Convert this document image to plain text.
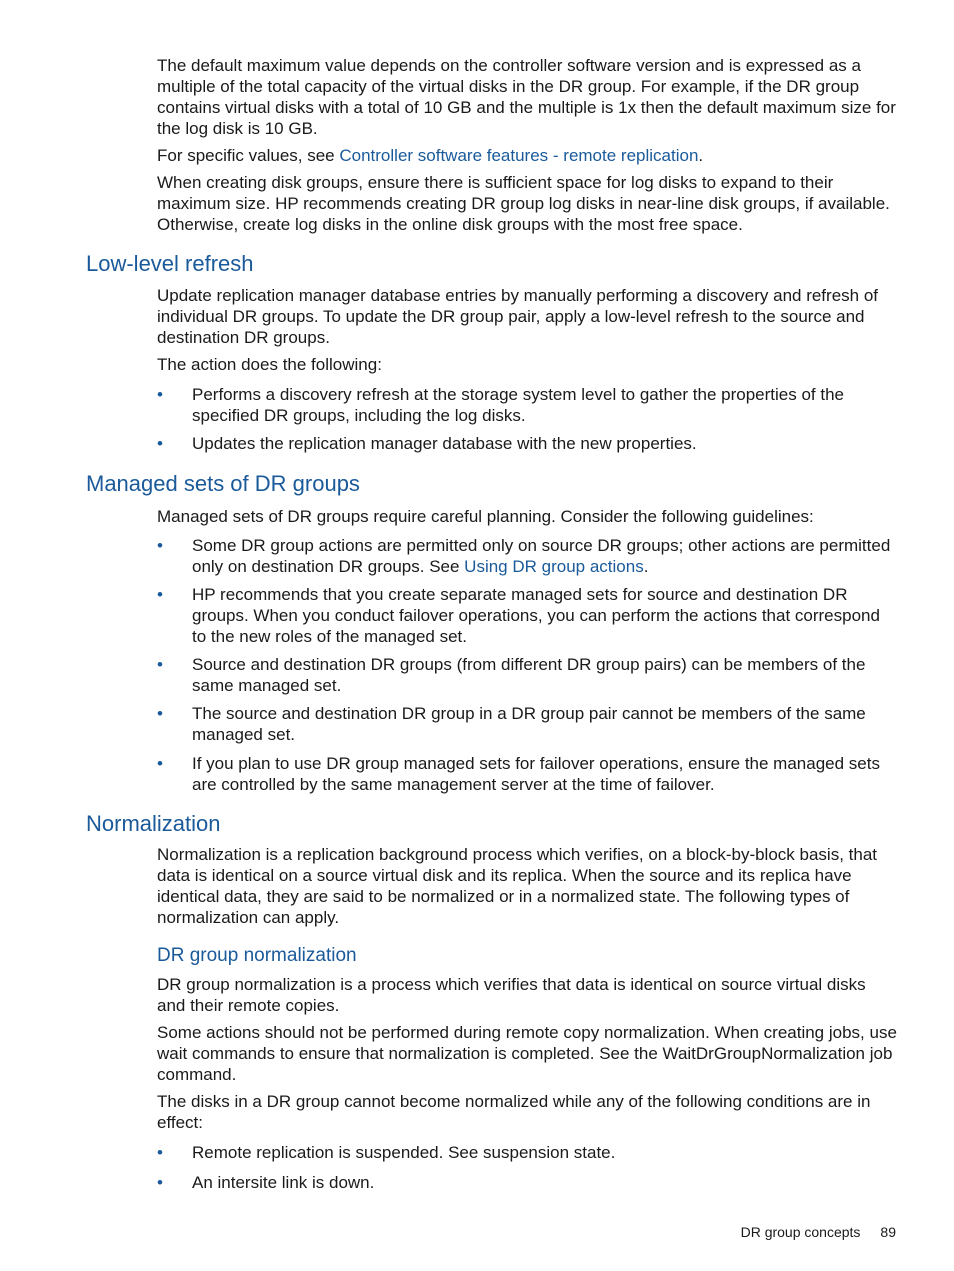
The default maximum value depends on the controller software version and is expressed as a multiple of the total capacity of the virtual disks in the DR group. For example, if the DR group contains virtual disks with a total of 10 GB and the multiple is 1x then the default maximum size for the log disk is 10 GB.

For specific values, see Controller software features - remote replication.

When creating disk groups, ensure there is sufficient space for log disks to expand to their maximum size. HP recommends creating DR group log disks in near-line disk groups, if available. Otherwise, create log disks in the online disk groups with the most free space.

Low-level refresh

Update replication manager database entries by manually performing a discovery and refresh of individual DR groups. To update the DR group pair, apply a low-level refresh to the source and destination DR groups.

The action does the following:

• Performs a discovery refresh at the storage system level to gather the properties of the specified DR groups, including the log disks.
• Updates the replication manager database with the new properties.
Managed sets of DR groups

Managed sets of DR groups require careful planning. Consider the following guidelines:

• Some DR group actions are permitted only on source DR groups; other actions are permitted only on destination DR groups. See Using DR group actions.
• HP recommends that you create separate managed sets for source and destination DR groups. When you conduct failover operations, you can perform the actions that correspond to the new roles of the managed set.
• Source and destination DR groups (from different DR group pairs) can be members of the same managed set.
• The source and destination DR group in a DR group pair cannot be members of the same managed set.
• If you plan to use DR group managed sets for failover operations, ensure the managed sets are controlled by the same management server at the time of failover.
Normalization

Normalization is a replication background process which verifies, on a block-by-block basis, that data is identical on a source virtual disk and its replica. When the source and its replica have identical data, they are said to be normalized or in a normalized state. The following types of normalization can apply.

DR group normalization

DR group normalization is a process which verifies that data is identical on source virtual disks and their remote copies.

Some actions should not be performed during remote copy normalization. When creating jobs, use wait commands to ensure that normalization is completed. See the WaitDrGroupNormalization job command.

The disks in a DR group cannot become normalized while any of the following conditions are in effect:

• Remote replication is suspended. See suspension state.
• An intersite link is down.
DR group concepts 89
